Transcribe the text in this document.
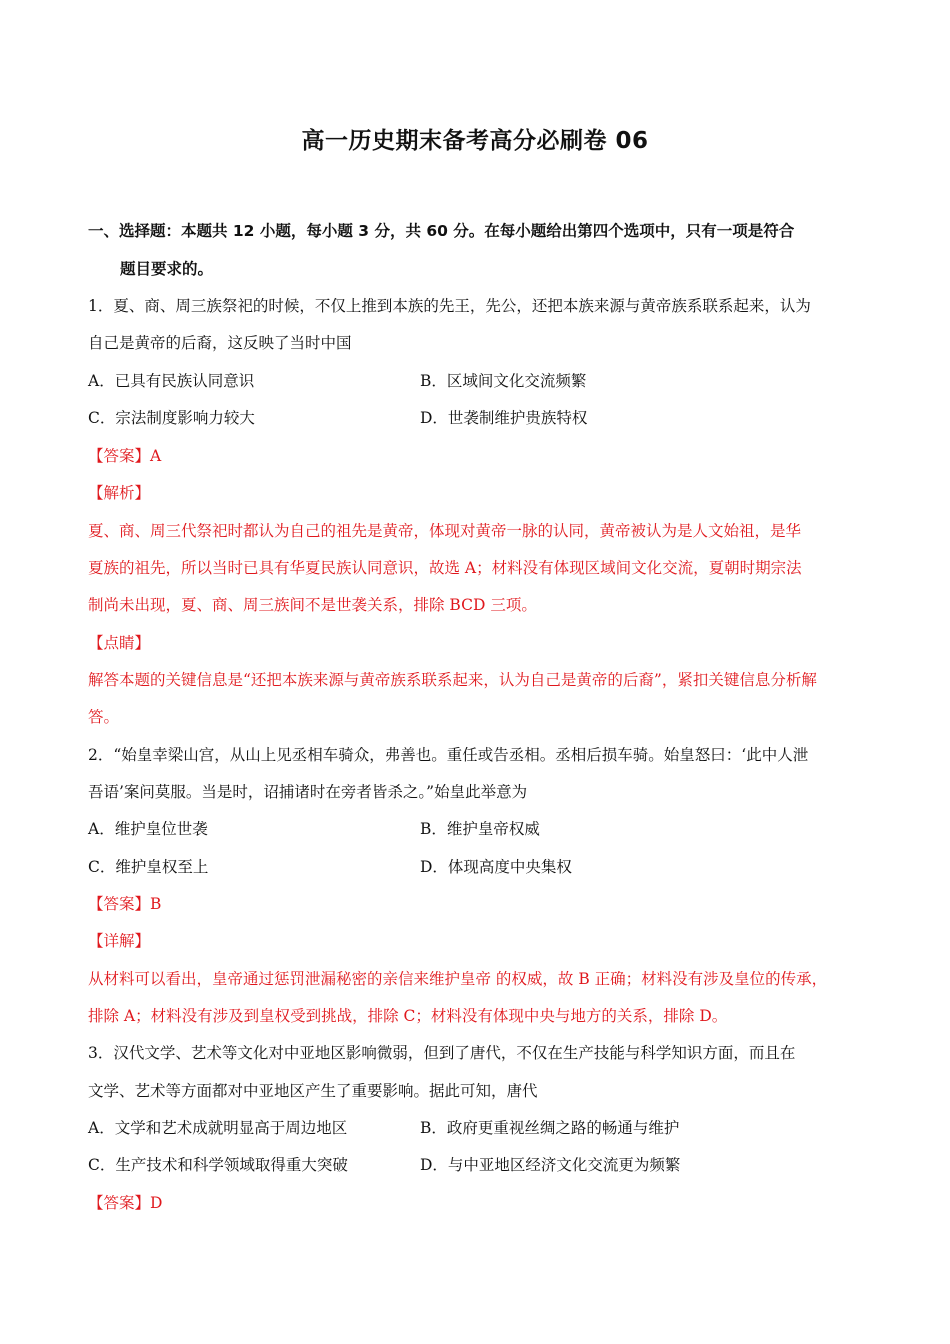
高一历史期末备考高分必刷卷 06
一、选择题：本题共 12 小题，每小题 3 分，共 60 分。在每小题给出第四个选项中，只有一项是符合
题目要求的。
1．夏、商、周三族祭祀的时候，不仅上推到本族的先王，先公，还把本族来源与黄帝族系联系起来，认为
自己是黄帝的后裔，这反映了当时中国
A．已具有民族认同意识	B．区域间文化交流频繁
C．宗法制度影响力较大	D．世袭制维护贵族特权
【答案】A
【解析】
夏、商、周三代祭祀时都认为自己的祖先是黄帝，体现对黄帝一脉的认同，黄帝被认为是人文始祖，是华
夏族的祖先，所以当时已具有华夏民族认同意识，故选 A；材料没有体现区域间文化交流，夏朝时期宗法
制尚未出现，夏、商、周三族间不是世袭关系，排除 BCD 三项。
【点睛】
解答本题的关键信息是“还把本族来源与黄帝族系联系起来，认为自己是黄帝的后裔”，紧扣关键信息分析解
答。
2．“始皇幸梁山宫，从山上见丞相车骑众，弗善也。重任或告丞相。丞相后损车骑。始皇怒曰：‘此中人泄
吾语’案问莫服。当是时，诏捕诸时在旁者皆杀之。”始皇此举意为
A．维护皇位世袭	B．维护皇帝权威
C．维护皇权至上	D．体现高度中央集权
【答案】B
【详解】
从材料可以看出，皇帝通过惩罚泄漏秘密的亲信来维护皇帝 的权威，故 B 正确；材料没有涉及皇位的传承，
排除 A；材料没有涉及到皇权受到挑战，排除 C；材料没有体现中央与地方的关系，排除 D。
3．汉代文学、艺术等文化对中亚地区影响微弱，但到了唐代，不仅在生产技能与科学知识方面，而且在
文学、艺术等方面都对中亚地区产生了重要影响。据此可知，唐代
A．文学和艺术成就明显高于周边地区	B．政府更重视丝绸之路的畅通与维护
C．生产技术和科学领域取得重大突破	D．与中亚地区经济文化交流更为频繁
【答案】D
